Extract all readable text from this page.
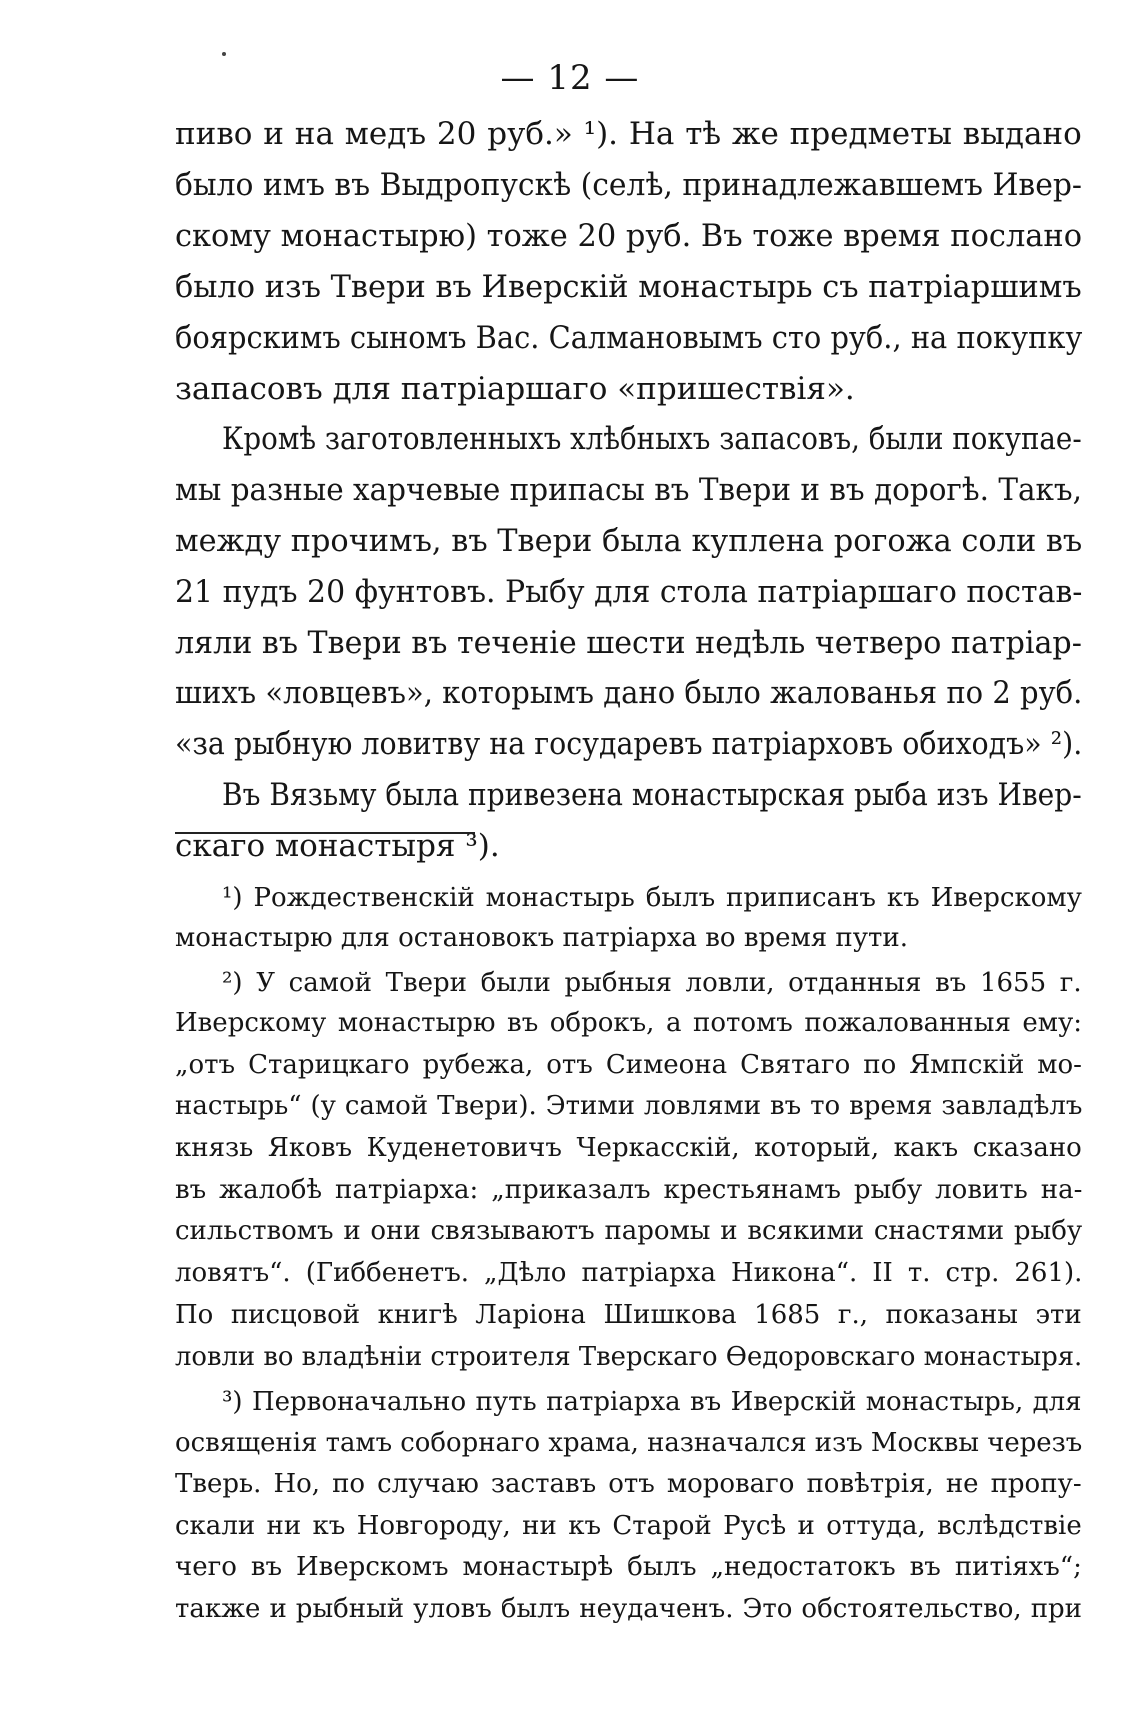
— 12 —
пиво и на медъ 20 руб.» ¹). На тѣ же предметы выдано
было имъ въ Выдропускѣ (селѣ, принадлежавшемъ Ивер-
скому монастырю) тоже 20 руб. Въ тоже время послано
было изъ Твери въ Иверскій монастырь съ патріаршимъ
боярскимъ сыномъ Вас. Салмановымъ сто руб., на покупку
запасовъ для патріаршаго «пришествія».
Кромѣ заготовленныхъ хлѣбныхъ запасовъ, были покупае-
мы разные харчевые припасы въ Твери и въ дорогѣ. Такъ,
между прочимъ, въ Твери была куплена рогожа соли въ
21 пудъ 20 фунтовъ. Рыбу для стола патріаршаго постав-
ляли въ Твери въ теченіе шести недѣль четверо патріар-
шихъ «ловцевъ», которымъ дано было жалованья по 2 руб.
«за рыбную ловитву на государевъ патріарховъ обиходъ» ²).
Въ Вязьму была привезена монастырская рыба изъ Ивер-
скаго монастыря ³).
¹) Рождественскій монастырь былъ приписанъ къ Иверскому
монастырю для остановокъ патріарха во время пути.
²) У самой Твери были рыбныя ловли, отданныя въ 1655 г.
Иверскому монастырю въ оброкъ, а потомъ пожалованныя ему:
„отъ Старицкаго рубежа, отъ Симеона Святаго по Ямпскій мо-
настырь“ (у самой Твери). Этими ловлями въ то время завладѣлъ
князь Яковъ Куденетовичъ Черкасскій, который, какъ сказано
въ жалобѣ патріарха: „приказалъ крестьянамъ рыбу ловить на-
сильствомъ и они связываютъ паромы и всякими снастями рыбу
ловятъ“. (Гиббенетъ. „Дѣло патріарха Никона“. II т. стр. 261).
По писцовой книгѣ Ларіона Шишкова 1685 г., показаны эти
ловли во владѣніи строителя Тверскаго Ѳедоровскаго монастыря.
³) Первоначально путь патріарха въ Иверскій монастырь, для
освященія тамъ соборнаго храма, назначался изъ Москвы черезъ
Тверь. Но, по случаю заставъ отъ мороваго повѣтрія, не пропу-
скали ни къ Новгороду, ни къ Старой Русѣ и оттуда, вслѣдствіе
чего въ Иверскомъ монастырѣ былъ „недостатокъ въ питіяхъ“;
также и рыбный уловъ былъ неудаченъ. Это обстоятельство, при
